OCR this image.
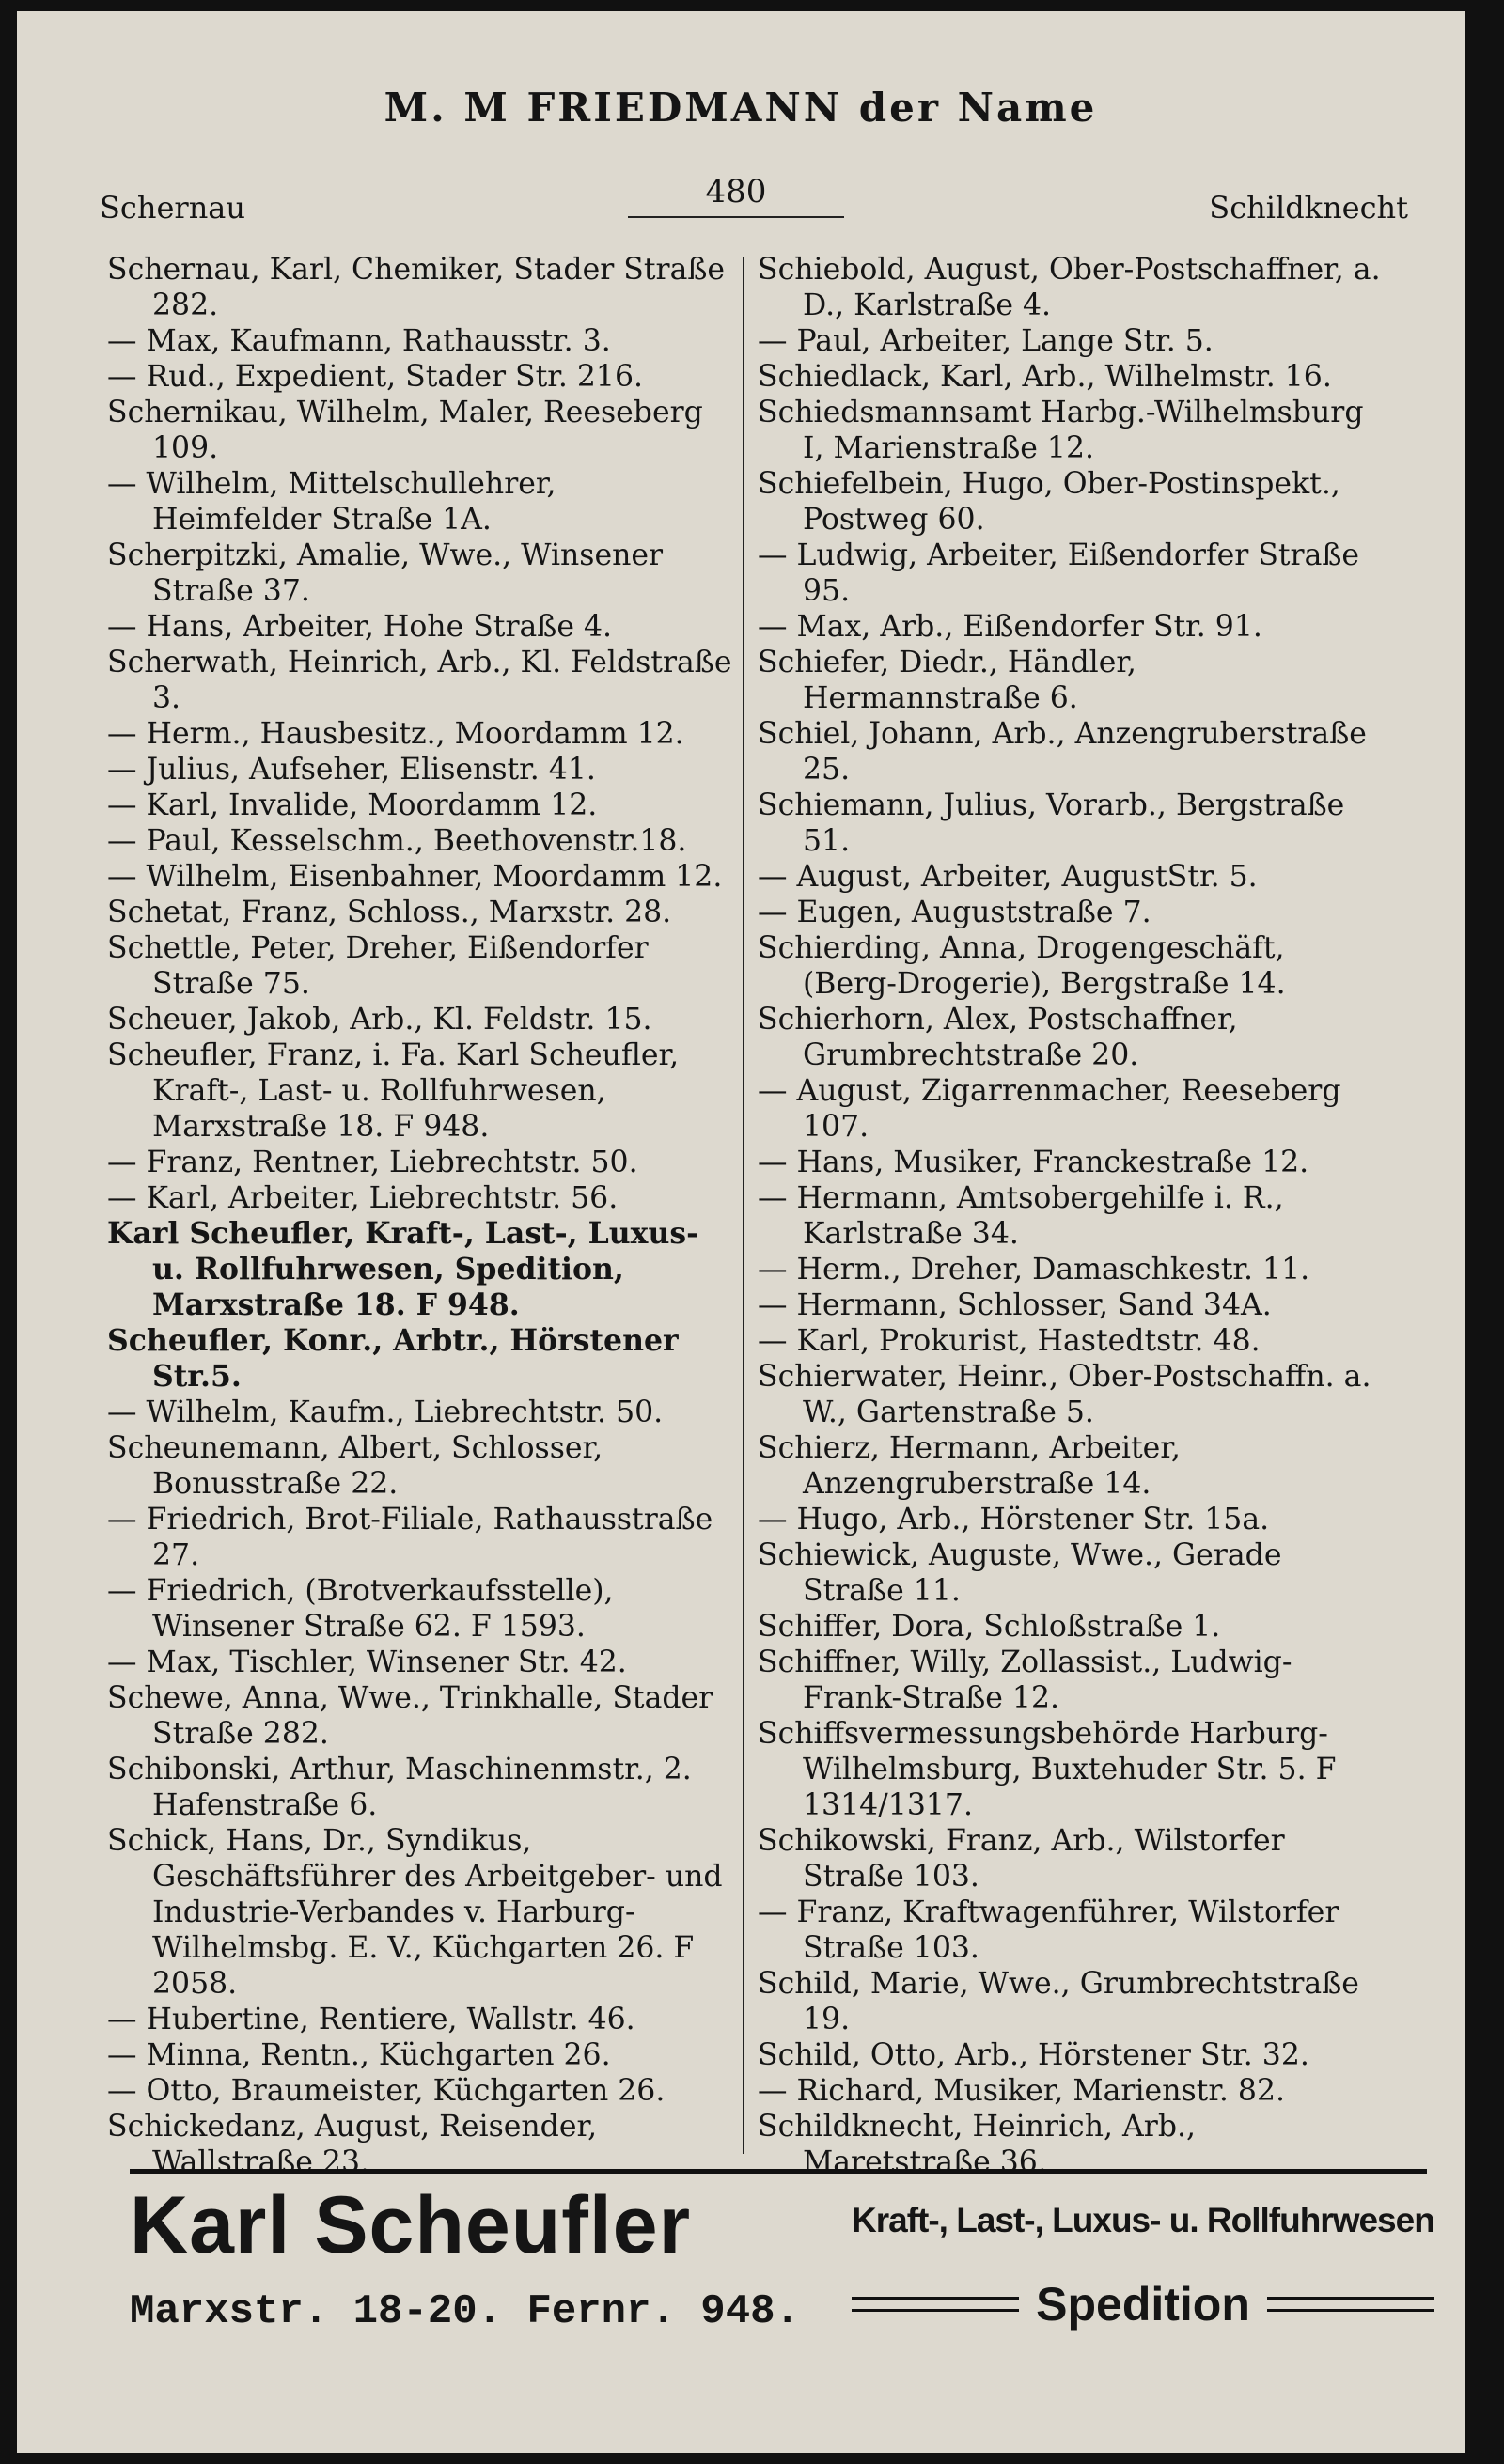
M. M FRIEDMANN der Name
Schernau	480	Schildknecht

Schernau, Karl, Chemiker, Stader Straße 282.

— Max, Kaufmann, Rathausstr. 3.

— Rud., Expedient, Stader Str. 216.

Schernikau, Wilhelm, Maler, Reeseberg 109.

— Wilhelm, Mittelschullehrer, Heimfelder Straße 1A.

Scherpitzki, Amalie, Wwe., Winsener Straße 37.

— Hans, Arbeiter, Hohe Straße 4.

Scherwath, Heinrich, Arb., Kl. Feldstraße 3.

— Herm., Hausbesitz., Moordamm 12.

— Julius, Aufseher, Elisenstr. 41.

— Karl, Invalide, Moordamm 12.

— Paul, Kesselschm., Beethovenstr.18.

— Wilhelm, Eisenbahner, Moordamm 12.

Schetat, Franz, Schloss., Marxstr. 28.

Schettle, Peter, Dreher, Eißendorfer Straße 75.

Scheuer, Jakob, Arb., Kl. Feldstr. 15.

Scheufler, Franz, i. Fa. Karl Scheufler, Kraft-, Last- u. Rollfuhrwesen, Marxstraße 18. F 948.

— Franz, Rentner, Liebrechtstr. 50.

— Karl, Arbeiter, Liebrechtstr. 56.

Karl Scheufler, Kraft-, Last-, Luxus- u. Rollfuhrwesen, Spedition, Marxstraße 18. F 948.

Scheufler, Konr., Arbtr., Hörstener Str.5.

— Wilhelm, Kaufm., Liebrechtstr. 50.

Scheunemann, Albert, Schlosser, Bonusstraße 22.

— Friedrich, Brot-Filiale, Rathausstraße 27.

— Friedrich, (Brotverkaufsstelle), Winsener Straße 62. F 1593.

— Max, Tischler, Winsener Str. 42.

Schewe, Anna, Wwe., Trinkhalle, Stader Straße 282.

Schibonski, Arthur, Maschinenmstr., 2. Hafenstraße 6.

Schick, Hans, Dr., Syndikus, Geschäftsführer des Arbeitgeber- und Industrie-Verbandes v. Harburg-Wilhelmsbg. E. V., Küchgarten 26. F 2058.

— Hubertine, Rentiere, Wallstr. 46.

— Minna, Rentn., Küchgarten 26.

— Otto, Braumeister, Küchgarten 26.

Schickedanz, August, Reisender, Wallstraße 23.

Schiebold, August, Ober-Postschaffner, a. D., Karlstraße 4.

— Paul, Arbeiter, Lange Str. 5.

Schiedlack, Karl, Arb., Wilhelmstr. 16.

Schiedsmannsamt Harbg.-Wilhelmsburg I, Marienstraße 12.

Schiefelbein, Hugo, Ober-Postinspekt., Postweg 60.

— Ludwig, Arbeiter, Eißendorfer Straße 95.

— Max, Arb., Eißendorfer Str. 91.

Schiefer, Diedr., Händler, Hermannstraße 6.

Schiel, Johann, Arb., Anzengruberstraße 25.

Schiemann, Julius, Vorarb., Bergstraße 51.

— August, Arbeiter, AugustStr. 5.

— Eugen, Auguststraße 7.

Schierding, Anna, Drogengeschäft, (Berg-Drogerie), Bergstraße 14.

Schierhorn, Alex, Postschaffner, Grumbrechtstraße 20.

— August, Zigarrenmacher, Reeseberg 107.

— Hans, Musiker, Franckestraße 12.

— Hermann, Amtsobergehilfe i. R., Karlstraße 34.

— Herm., Dreher, Damaschkestr. 11.

— Hermann, Schlosser, Sand 34A.

— Karl, Prokurist, Hastedtstr. 48.

Schierwater, Heinr., Ober-Postschaffn. a. W., Gartenstraße 5.

Schierz, Hermann, Arbeiter, Anzengruberstraße 14.

— Hugo, Arb., Hörstener Str. 15a.

Schiewick, Auguste, Wwe., Gerade Straße 11.

Schiffer, Dora, Schloßstraße 1.

Schiffner, Willy, Zollassist., Ludwig-Frank-Straße 12.

Schiffsvermessungsbehörde Harburg-Wilhelmsburg, Buxtehuder Str. 5. F 1314/1317.

Schikowski, Franz, Arb., Wilstorfer Straße 103.

— Franz, Kraftwagenführer, Wilstorfer Straße 103.

Schild, Marie, Wwe., Grumbrechtstraße 19.

Schild, Otto, Arb., Hörstener Str. 32.

— Richard, Musiker, Marienstr. 82.

Schildknecht, Heinrich, Arb., Maretstraße 36.

Karl Scheufler	Kraft-, Last-, Luxus- u. Rollfuhrwesen
Marxstr. 18-20. Fernr. 948.	Spedition
